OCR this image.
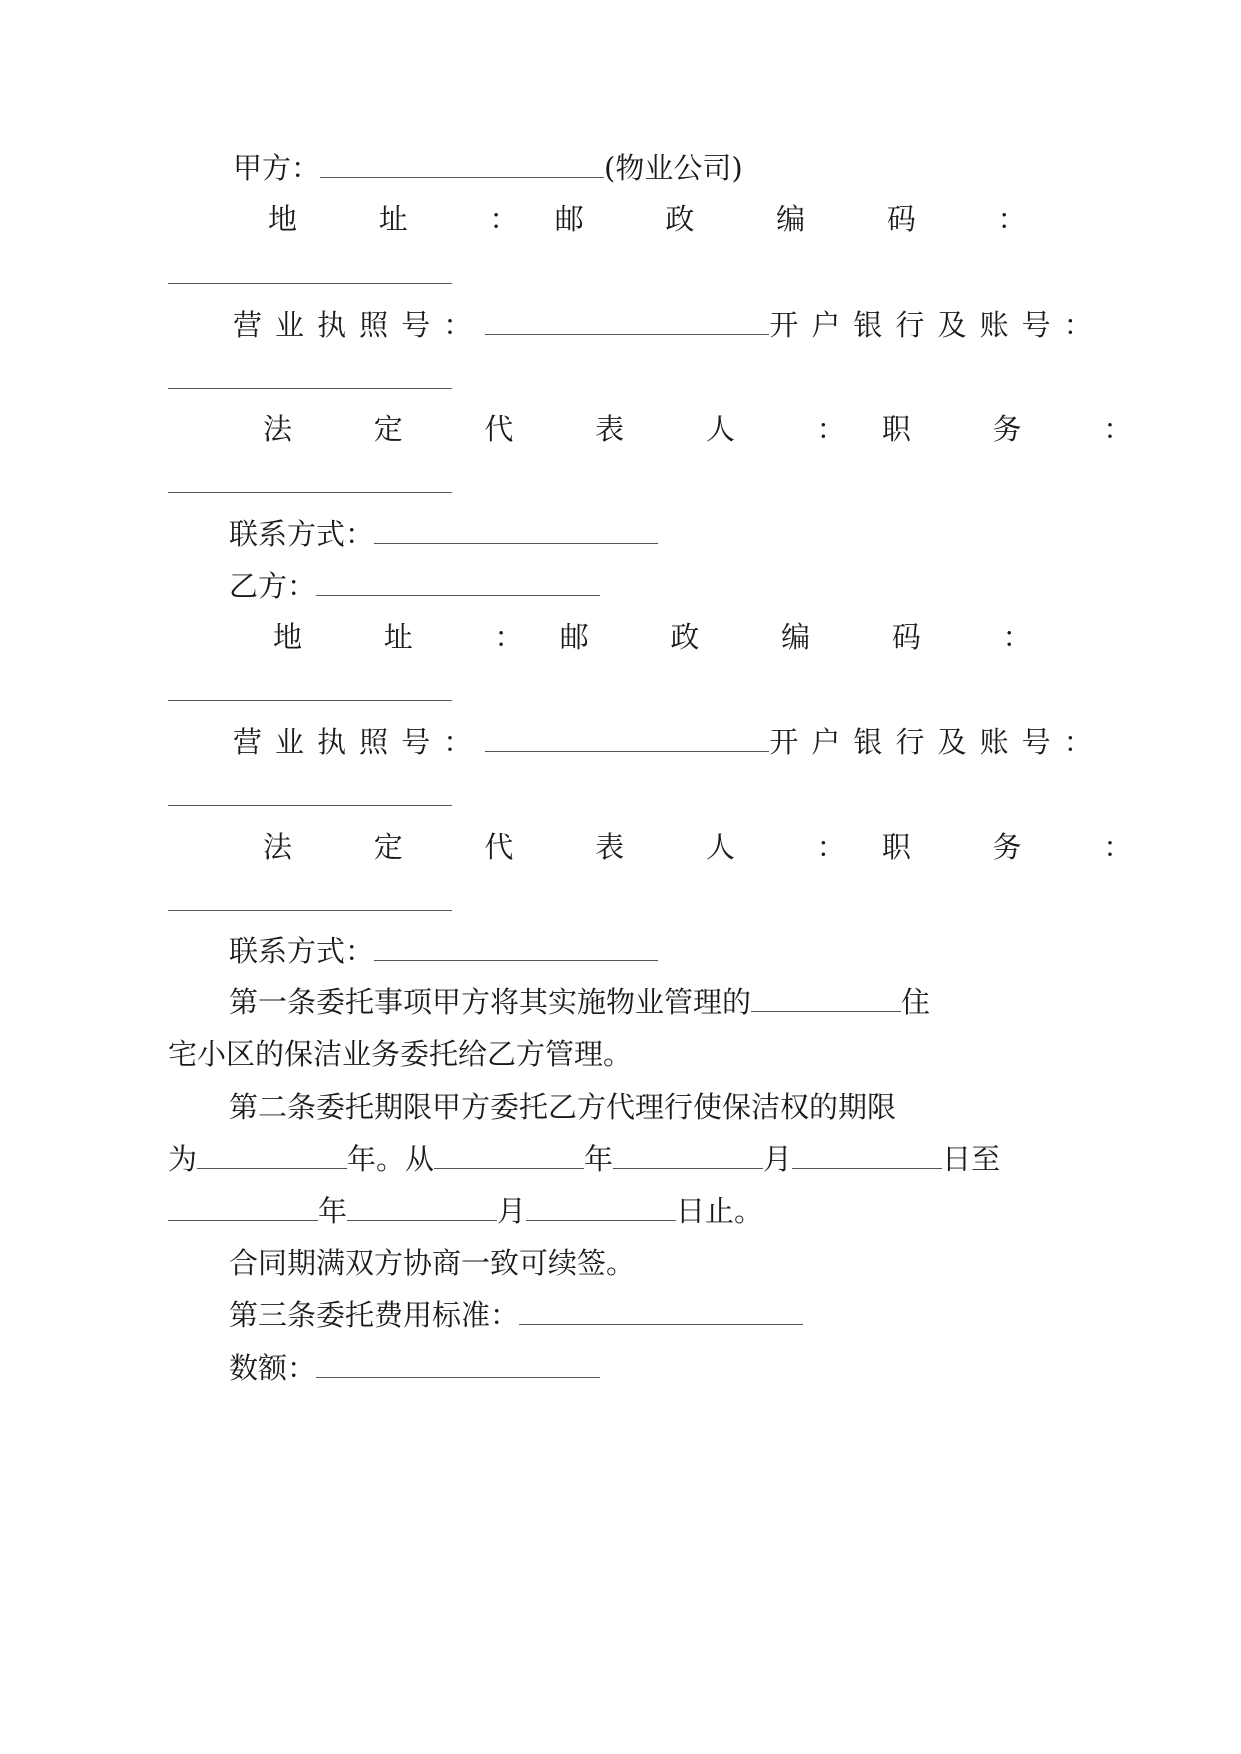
甲方：	(物业公司)
地 址 ： 邮 政 编 码 ：
营业执照号：	开户银行及账号：
法 定 代 表 人 ： 职 务 ：
联系方式：
乙方：
地 址 ： 邮 政 编 码 ：
营业执照号：	开户银行及账号：
法 定 代 表 人 ： 职 务 ：
联系方式：
第一条委托事项甲方将其实施物业管理的	住
宅小区的保洁业务委托给乙方管理。
第二条委托期限甲方委托乙方代理行使保洁权的期限
为	年。从	年	月	日至
年	月	日止。
合同期满双方协商一致可续签。
第三条委托费用标准：
数额：
